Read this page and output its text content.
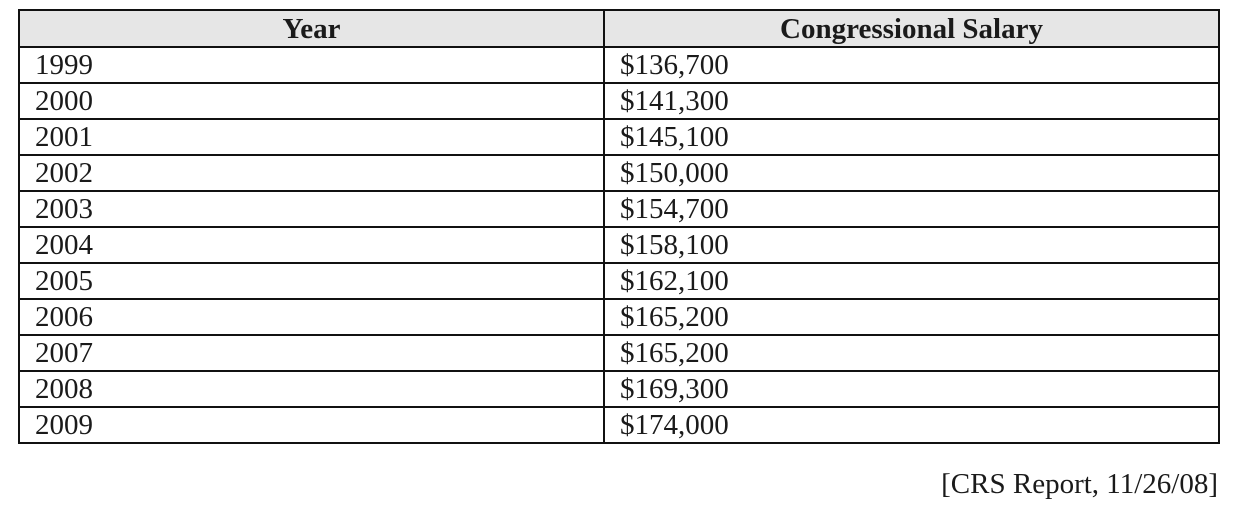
Year	Congressional Salary
1999	$136,700
2000	$141,300
2001	$145,100
2002	$150,000
2003	$154,700
2004	$158,100
2005	$162,100
2006	$165,200
2007	$165,200
2008	$169,300
2009	$174,000
[CRS Report, 11/26/08]
